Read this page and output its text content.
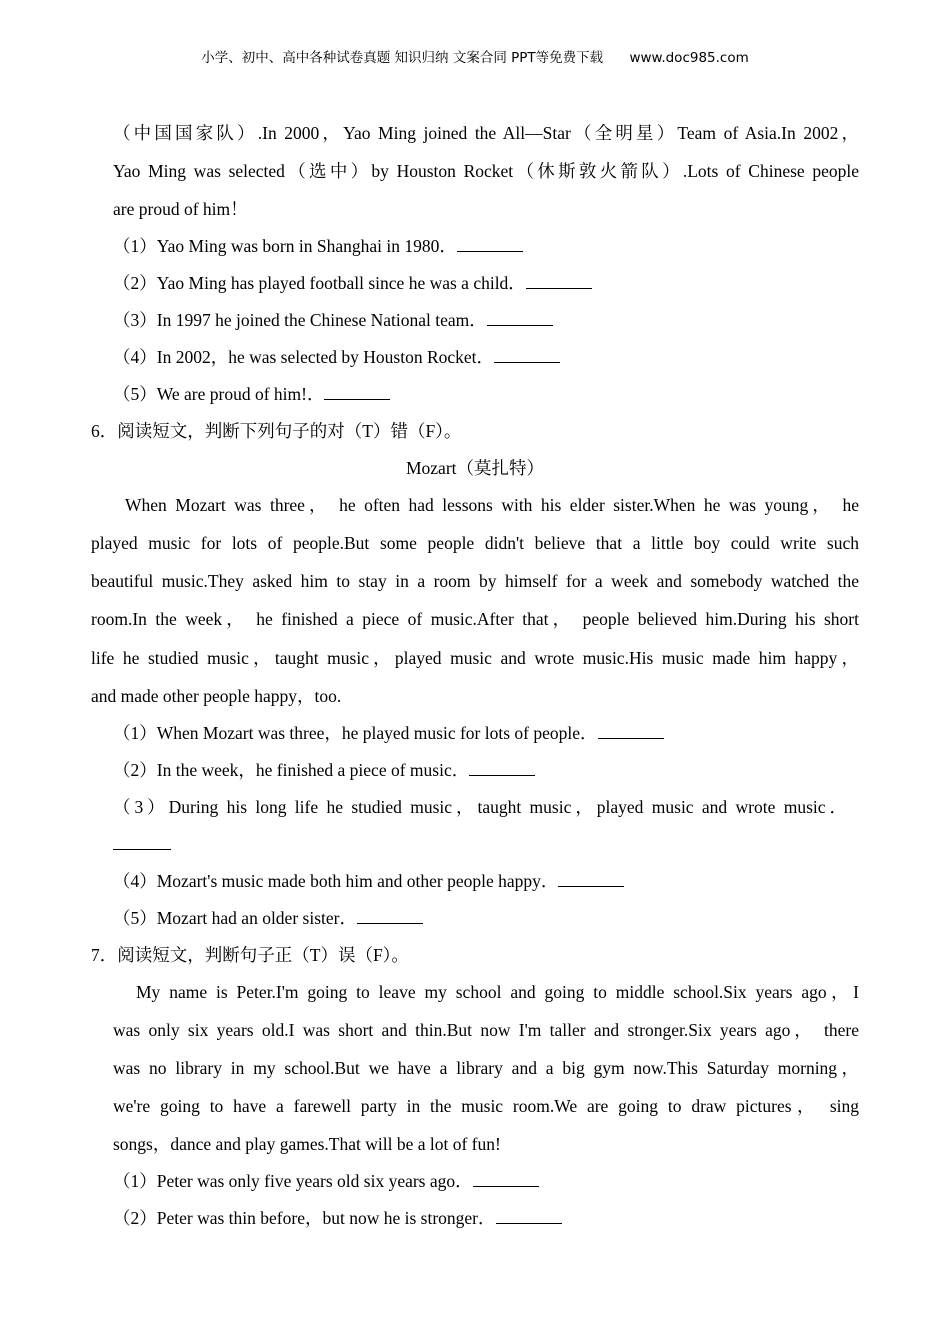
小学、初中、高中各种试卷真题 知识归纳 文案合同 PPT等免费下载 www.doc985.com
（中国国家队）.In 2000，Yao Ming joined the All—Star（全明星）Team of Asia.In 2002，
Yao Ming was selected（选中）by Houston Rocket（休斯敦火箭队）.Lots of Chinese people
are proud of him！
（1）Yao Ming was born in Shanghai in 1980．
（2）Yao Ming has played football since he was a child．
（3）In 1997 he joined the Chinese National team．
（4）In 2002，he was selected by Houston Rocket．
（5）We are proud of him!．
6．阅读短文，判断下列句子的对（T）错（F）。
Mozart（莫扎特）
When Mozart was three， he often had lessons with his elder sister.When he was young， he
played music for lots of people.But some people didn't believe that a little boy could write such
beautiful music.They asked him to stay in a room by himself for a week and somebody watched the
room.In the week， he finished a piece of music.After that， people believed him.During his short
life he studied music，taught music，played music and wrote music.His music made him happy，
and made other people happy，too.
（1）When Mozart was three，he played music for lots of people．
（2）In the week，he finished a piece of music．
（3）During his long life he studied music，taught music，played music and wrote music．
（4）Mozart's music made both him and other people happy．
（5）Mozart had an older sister．
7．阅读短文，判断句子正（T）误（F）。
My name is Peter.I'm going to leave my school and going to middle school.Six years ago，I
was only six years old.I was short and thin.But now I'm taller and stronger.Six years ago， there
was no library in my school.But we have a library and a big gym now.This Saturday morning，
we're going to have a farewell party in the music room.We are going to draw pictures， sing
songs，dance and play games.That will be a lot of fun!
（1）Peter was only five years old six years ago．
（2）Peter was thin before，but now he is stronger．
